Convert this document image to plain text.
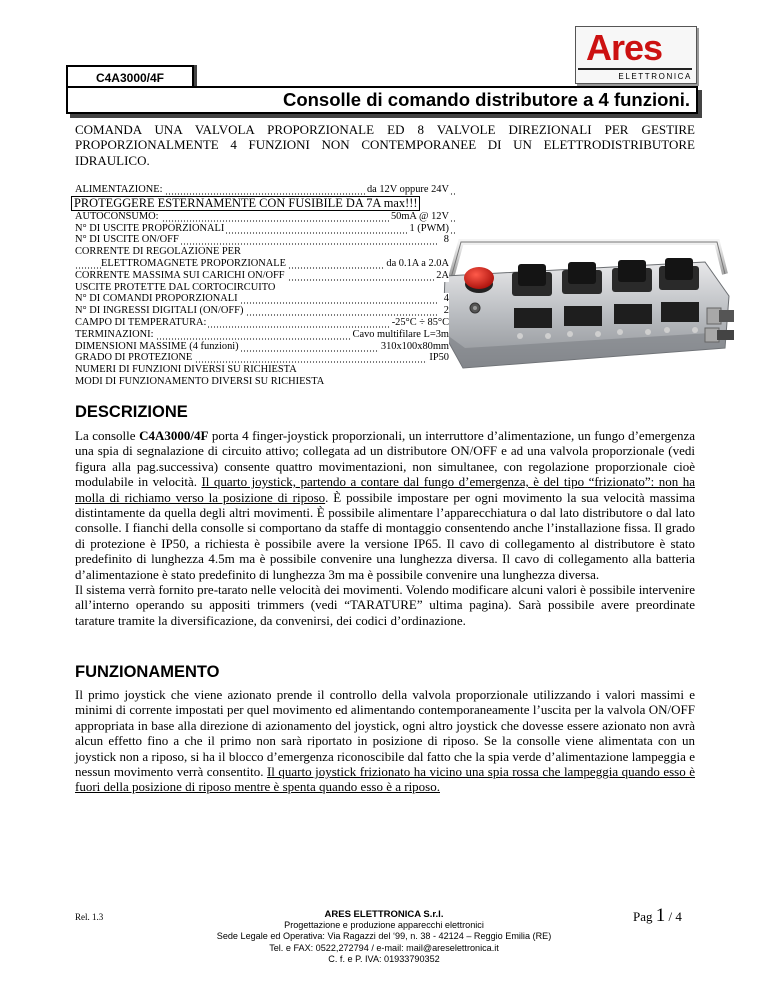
Ares
ELETTRONICA
C4A3000/4F
Consolle di comando distributore a 4 funzioni.
COMANDA UNA VALVOLA PROPORZIONALE ED 8 VALVOLE DIREZIONALI PER GESTIRE PROPORZIONALMENTE 4 FUNZIONI NON CONTEMPORANEE DI UN ELETTRODISTRIBUTORE IDRAULICO.
ALIMENTAZIONE:	da 12V oppure 24V
PROTEGGERE ESTERNAMENTE CON FUSIBILE DA 7A max!!!
AUTOCONSUMO:	50mA @ 12V
N° DI USCITE PROPORZIONALI	1 (PWM)
N° DI USCITE ON/OFF	8
CORRENTE DI REGOLAZIONE PER
ELETTROMAGNETE PROPORZIONALE	da 0.1A a 2.0A
CORRENTE MASSIMA SUI CARICHI ON/OFF	2A
USCITE PROTETTE DAL CORTOCIRCUITO
N° DI COMANDI PROPORZIONALI	4
N° DI INGRESSI DIGITALI (ON/OFF)	2
CAMPO DI TEMPERATURA:	-25°C ÷ 85°C
TERMINAZIONI:	Cavo multifilare L=3m
DIMENSIONI MASSIME (4 funzioni)	310x100x80mm
GRADO DI PROTEZIONE	IP50
NUMERI DI FUNZIONI DIVERSI SU RICHIESTA
MODI DI FUNZIONAMENTO DIVERSI SU RICHIESTA
DESCRIZIONE
La consolle C4A3000/4F porta 4 finger-joystick proporzionali, un interruttore d’alimentazione, un fungo d’emergenza una spia di segnalazione di circuito attivo; collegata ad un distributore ON/OFF e ad una valvola proporzionale (vedi figura alla pag.successiva) consente quattro movimentazioni, non simultanee, con regolazione proporzionale cioè modulabile in velocità. Il quarto joystick, partendo a contare dal fungo d’emergenza, è del tipo “frizionato”: non ha molla di richiamo verso la posizione di riposo. È possibile impostare per ogni movimento la sua velocità massima distintamente da quella degli altri movimenti. È possibile alimentare l’apparecchiatura o dal lato distributore o dal lato consolle. I fianchi della consolle si comportano da staffe di montaggio consentendo anche l’installazione fissa. Il grado di protezione è IP50, a richiesta è possibile avere la versione IP65. Il cavo di collegamento al distributore è stato predefinito di lunghezza 4.5m ma è possibile convenire una lunghezza diversa. Il cavo di collegamento alla batteria d’alimentazione è stato predefinito di lunghezza 3m ma è possibile convenire una lunghezza diversa.
Il sistema verrà fornito pre-tarato nelle velocità dei movimenti. Volendo modificare alcuni valori è possibile intervenire all’interno operando su appositi trimmers (vedi “TARATURE” ultima pagina). Sarà possibile avere preordinate tarature tramite la diversificazione, da convenirsi, dei codici d’ordinazione.
FUNZIONAMENTO
Il primo joystick che viene azionato prende il controllo della valvola proporzionale utilizzando i valori massimi e minimi di corrente impostati per quel movimento ed alimentando contemporaneamente l’uscita per la valvola ON/OFF appropriata in base alla direzione di azionamento del joystick, ogni altro joystick che dovesse essere azionato non avrà alcun effetto fino a che il primo non sarà riportato in posizione di riposo. Se la consolle viene alimentata con un joystick non a riposo, si ha il blocco d’emergenza riconoscibile dal fatto che la spia verde d’alimentazione lampeggia e nessun movimento verrà consentito. Il quarto joystick frizionato ha vicino una spia rossa che lampeggia quando esso è fuori della posizione di riposo mentre è spenta quando esso è a riposo.
ARES ELETTRONICA S.r.l.
Progettazione e produzione apparecchi elettronici
Sede Legale ed Operativa: Via Ragazzi del ‘99, n. 38 - 42124 – Reggio Emilia (RE)
Tel. e FAX: 0522,272794 / e-mail: mail@areselettronica.it
C. f. e P. IVA: 01933790352
Rel. 1.3	Pag 1 / 4
